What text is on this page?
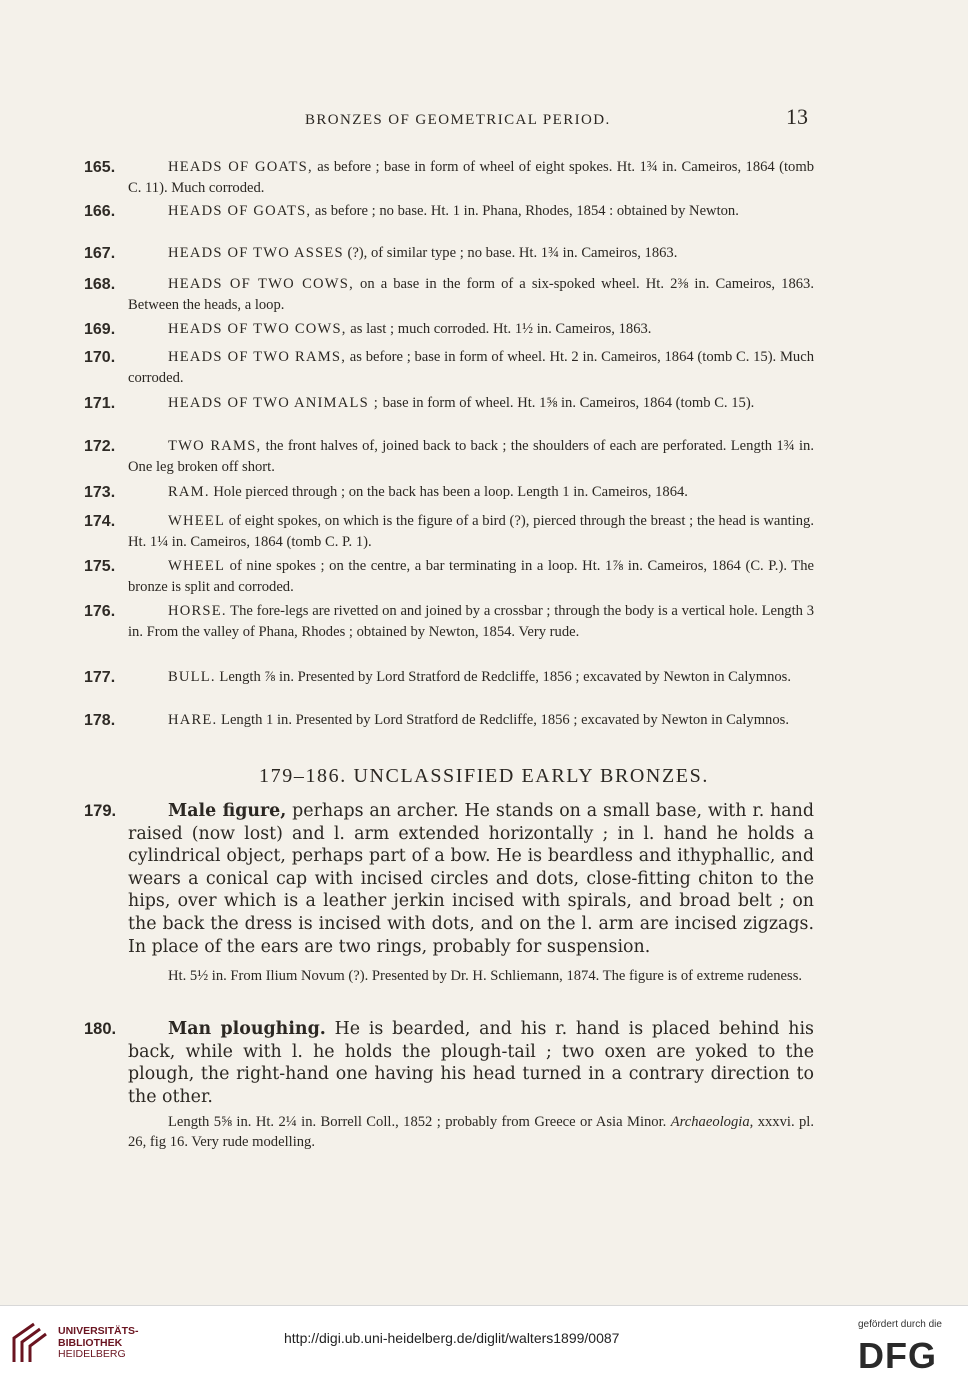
BRONZES OF GEOMETRICAL PERIOD.	13
165.	HEADS OF GOATS, as before ; base in form of wheel of eight spokes. Ht. 1¾ in. Cameiros, 1864 (tomb C. 11). Much corroded.
166.	HEADS OF GOATS, as before ; no base. Ht. 1 in. Phana, Rhodes, 1854 : obtained by Newton.
167.	HEADS OF TWO ASSES (?), of similar type ; no base. Ht. 1¾ in. Cameiros, 1863.
168.	HEADS OF TWO COWS, on a base in the form of a six-spoked wheel. Ht. 2⅜ in. Cameiros, 1863. Between the heads, a loop.
169.	HEADS OF TWO COWS, as last ; much corroded. Ht. 1½ in. Cameiros, 1863.
170.	HEADS OF TWO RAMS, as before ; base in form of wheel. Ht. 2 in. Cameiros, 1864 (tomb C. 15). Much corroded.
171.	HEADS OF TWO ANIMALS ; base in form of wheel. Ht. 1⅝ in. Cameiros, 1864 (tomb C. 15).
172.	TWO RAMS, the front halves of, joined back to back ; the shoulders of each are perforated. Length 1¾ in. One leg broken off short.
173.	RAM. Hole pierced through ; on the back has been a loop. Length 1 in. Cameiros, 1864.
174.	WHEEL of eight spokes, on which is the figure of a bird (?), pierced through the breast ; the head is wanting. Ht. 1¼ in. Cameiros, 1864 (tomb C. P. 1).
175.	WHEEL of nine spokes ; on the centre, a bar terminating in a loop. Ht. 1⅞ in. Cameiros, 1864 (C. P.). The bronze is split and corroded.
176.	HORSE. The fore-legs are rivetted on and joined by a crossbar ; through the body is a vertical hole. Length 3 in. From the valley of Phana, Rhodes ; obtained by Newton, 1854. Very rude.
177.	BULL. Length ⅞ in. Presented by Lord Stratford de Redcliffe, 1856 ; excavated by Newton in Calymnos.
178.	HARE. Length 1 in. Presented by Lord Stratford de Redcliffe, 1856 ; excavated by Newton in Calymnos.
179–186. UNCLASSIFIED EARLY BRONZES.
179.	Male figure, perhaps an archer. He stands on a small base, with r. hand raised (now lost) and l. arm extended horizontally ; in l. hand he holds a cylindrical object, perhaps part of a bow. He is beardless and ithyphallic, and wears a conical cap with incised circles and dots, close-fitting chiton to the hips, over which is a leather jerkin incised with spirals, and broad belt ; on the back the dress is incised with dots, and on the l. arm are incised zigzags. In place of the ears are two rings, probably for suspension.
Ht. 5½ in. From Ilium Novum (?). Presented by Dr. H. Schliemann, 1874. The figure is of extreme rudeness.
180.	Man ploughing. He is bearded, and his r. hand is placed behind his back, while with l. he holds the plough-tail ; two oxen are yoked to the plough, the right-hand one having his head turned in a contrary direction to the other.
Length 5⅝ in. Ht. 2¼ in. Borrell Coll., 1852 ; probably from Greece or Asia Minor. Archaeologia, xxxvi. pl. 26, fig 16. Very rude modelling.
UNIVERSITÄTS-
BIBLIOTHEK
HEIDELBERG
http://digi.ub.uni-heidelberg.de/diglit/walters1899/0087
gefördert durch die
DFG
